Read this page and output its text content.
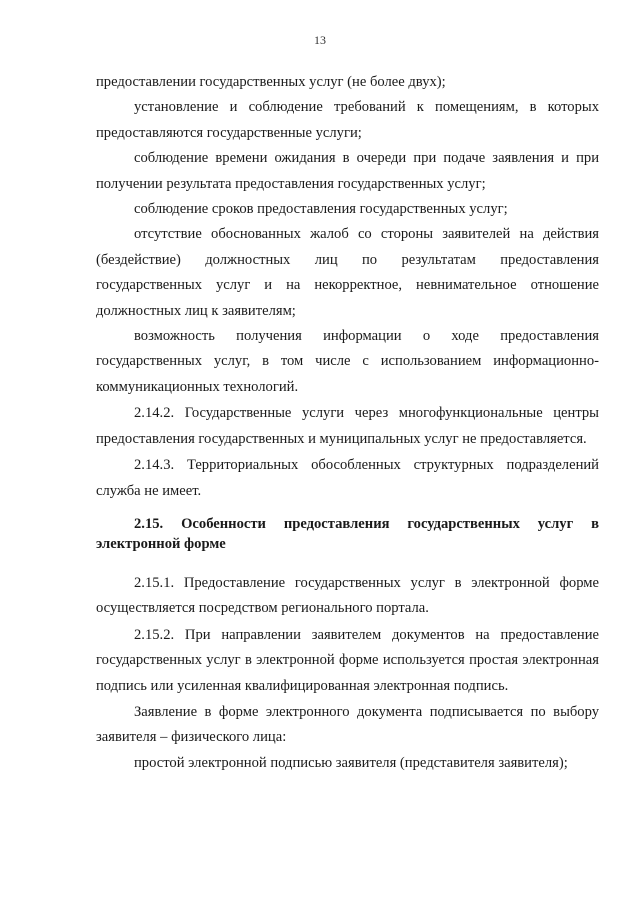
13

предоставлении государственных услуг (не более двух);

установление и соблюдение требований к помещениям, в которых предоставляются государственные услуги;

соблюдение времени ожидания в очереди при подаче заявления и при получении результата предоставления государственных услуг;

соблюдение сроков предоставления государственных услуг;

отсутствие обоснованных жалоб со стороны заявителей на действия (бездействие) должностных лиц по результатам предоставления государственных услуг и на некорректное, невнимательное отношение должностных лиц к заявителям;

возможность получения информации о ходе предоставления государственных услуг, в том числе с использованием информационно-коммуникационных технологий.

2.14.2. Государственные услуги через многофункциональные центры предоставления государственных и муниципальных услуг не предоставляется.

2.14.3. Территориальных обособленных структурных подразделений служба не имеет.

2.15. Особенности предоставления государственных услуг в электронной форме

2.15.1. Предоставление государственных услуг в электронной форме осуществляется посредством регионального портала.

2.15.2. При направлении заявителем документов на предоставление государственных услуг в электронной форме используется простая электронная подпись или усиленная квалифицированная электронная подпись.

Заявление в форме электронного документа подписывается по выбору заявителя – физического лица:

простой электронной подписью заявителя (представителя заявителя);
